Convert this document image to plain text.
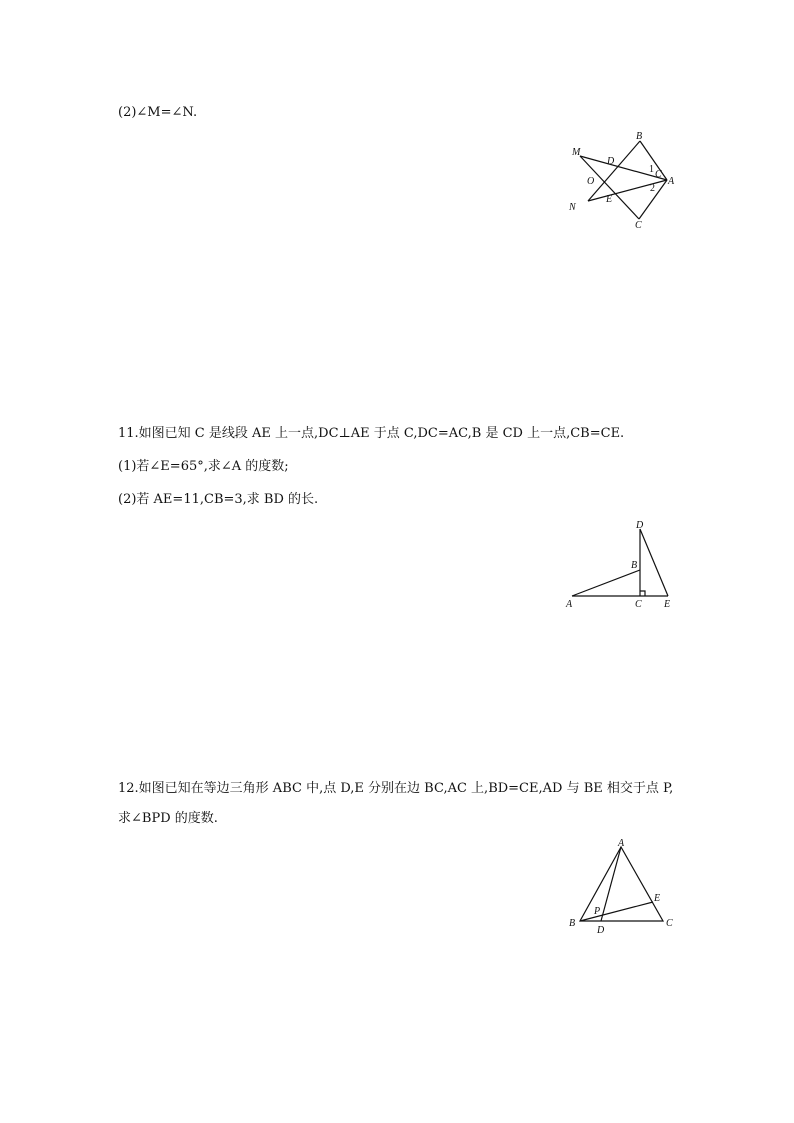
(2)∠M=∠N.
B
M
D
1 C
A
O
2
E
N
C
11.如图已知 C 是线段 AE 上一点,DC⊥AE 于点 C,DC=AC,B 是 CD 上一点,CB=CE.
(1)若∠E=65°,求∠A 的度数;
(2)若 AE=11,CB=3,求 BD 的长.
D
B
A	C E
12.如图已知在等边三角形 ABC 中,点 D,E 分别在边 BC,AC 上,BD=CE,AD 与 BE 相交于点 P,
求∠BPD 的度数.
A
E
P
B
D
C
